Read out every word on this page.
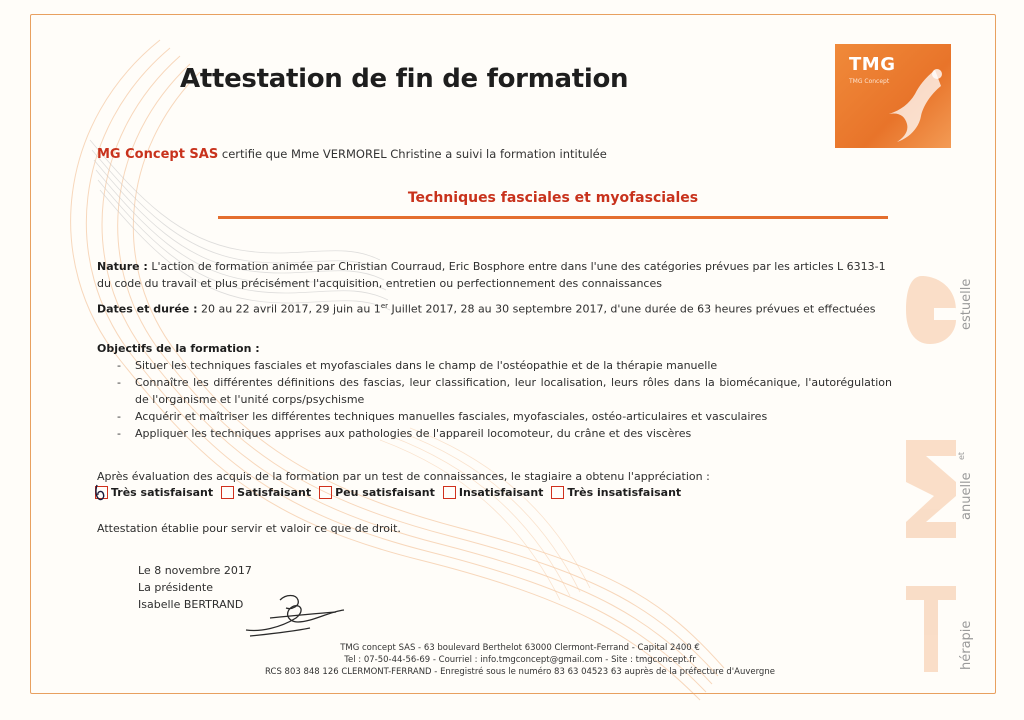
TMG
TMG Concept
Attestation de fin de formation
MG Concept SAS certifie que Mme VERMOREL Christine a suivi la formation intitulée
Techniques fasciales et myofasciales
Nature : L'action de formation animée par Christian Courraud, Eric Bosphore entre dans l'une des catégories prévues par les articles L 6313-1 du code du travail et plus précisément l'acquisition, entretien ou perfectionnement des connaissances
Dates et durée : 20 au 22 avril 2017, 29 juin au 1er Juillet 2017, 28 au 30 septembre 2017, d'une durée de 63 heures prévues et effectuées
Objectifs de la formation :
- Situer les techniques fasciales et myofasciales dans le champ de l'ostéopathie et de la thérapie manuelle
- Connaître les différentes définitions des fascias, leur classification, leur localisation, leurs rôles dans la biomécanique, l'autorégulation de l'organisme et l'unité corps/psychisme
- Acquérir et maîtriser les différentes techniques manuelles fasciales, myofasciales, ostéo-articulaires et vasculaires
- Appliquer les techniques apprises aux pathologies de l'appareil locomoteur, du crâne et des viscères
Après évaluation des acquis de la formation par un test de connaissances, le stagiaire a obtenu l'appréciation :
Très satisfaisant Satisfaisant Peu satisfaisant Insatisfaisant Très insatisfaisant
Attestation établie pour servir et valoir ce que de droit.
Le 8 novembre 2017
La présidente
Isabelle BERTRAND
TMG concept SAS - 63 boulevard Berthelot 63000 Clermont-Ferrand - Capital 2400 €
Tel : 07-50-44-56-69 - Courriel : info.tmgconcept@gmail.com - Site : tmgconcept.fr
RCS 803 848 126 CLERMONT-FERRAND - Enregistré sous le numéro 83 63 04523 63 auprès de la préfecture d'Auvergne
hérapie
anuelle
et
estuelle
